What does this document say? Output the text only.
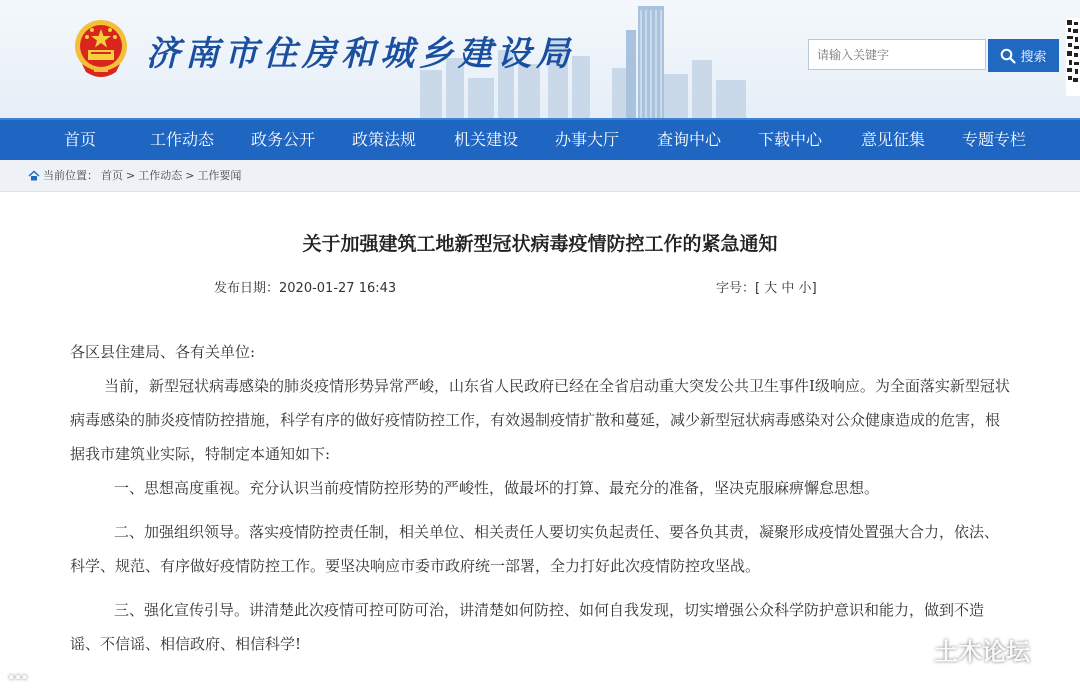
济南市住房和城乡建设局
请输入关键字	搜索
首页	工作动态	政务公开	政策法规	机关建设	办事大厅	查询中心	下载中心	意见征集	专题专栏
当前位置： 首页 > 工作动态 > 工作要闻
关于加强建筑工地新型冠状病毒疫情防控工作的紧急通知
发布日期：2020-01-27 16:43	字号：[ 大 中 小]

各区县住建局、各有关单位:

当前，新型冠状病毒感染的肺炎疫情形势异常严峻，山东省人民政府已经在全省启动重大突发公共卫生事件I级响应。为全面落实新型冠状病毒感染的肺炎疫情防控措施，科学有序的做好疫情防控工作，有效遏制疫情扩散和蔓延，减少新型冠状病毒感染对公众健康造成的危害，根据我市建筑业实际，特制定本通知如下:

一、思想高度重视。充分认识当前疫情防控形势的严峻性，做最坏的打算、最充分的准备，坚决克服麻痹懈怠思想。

二、加强组织领导。落实疫情防控责任制，相关单位、相关责任人要切实负起责任、要各负其责，凝聚形成疫情处置强大合力，依法、科学、规范、有序做好疫情防控工作。要坚决响应市委市政府统一部署，全力打好此次疫情防控攻坚战。

三、强化宣传引导。讲清楚此次疫情可控可防可治，讲清楚如何防控、如何自我发现，切实增强公众科学防护意识和能力，做到不造谣、不信谣、相信政府、相信科学!

…
土木论坛
